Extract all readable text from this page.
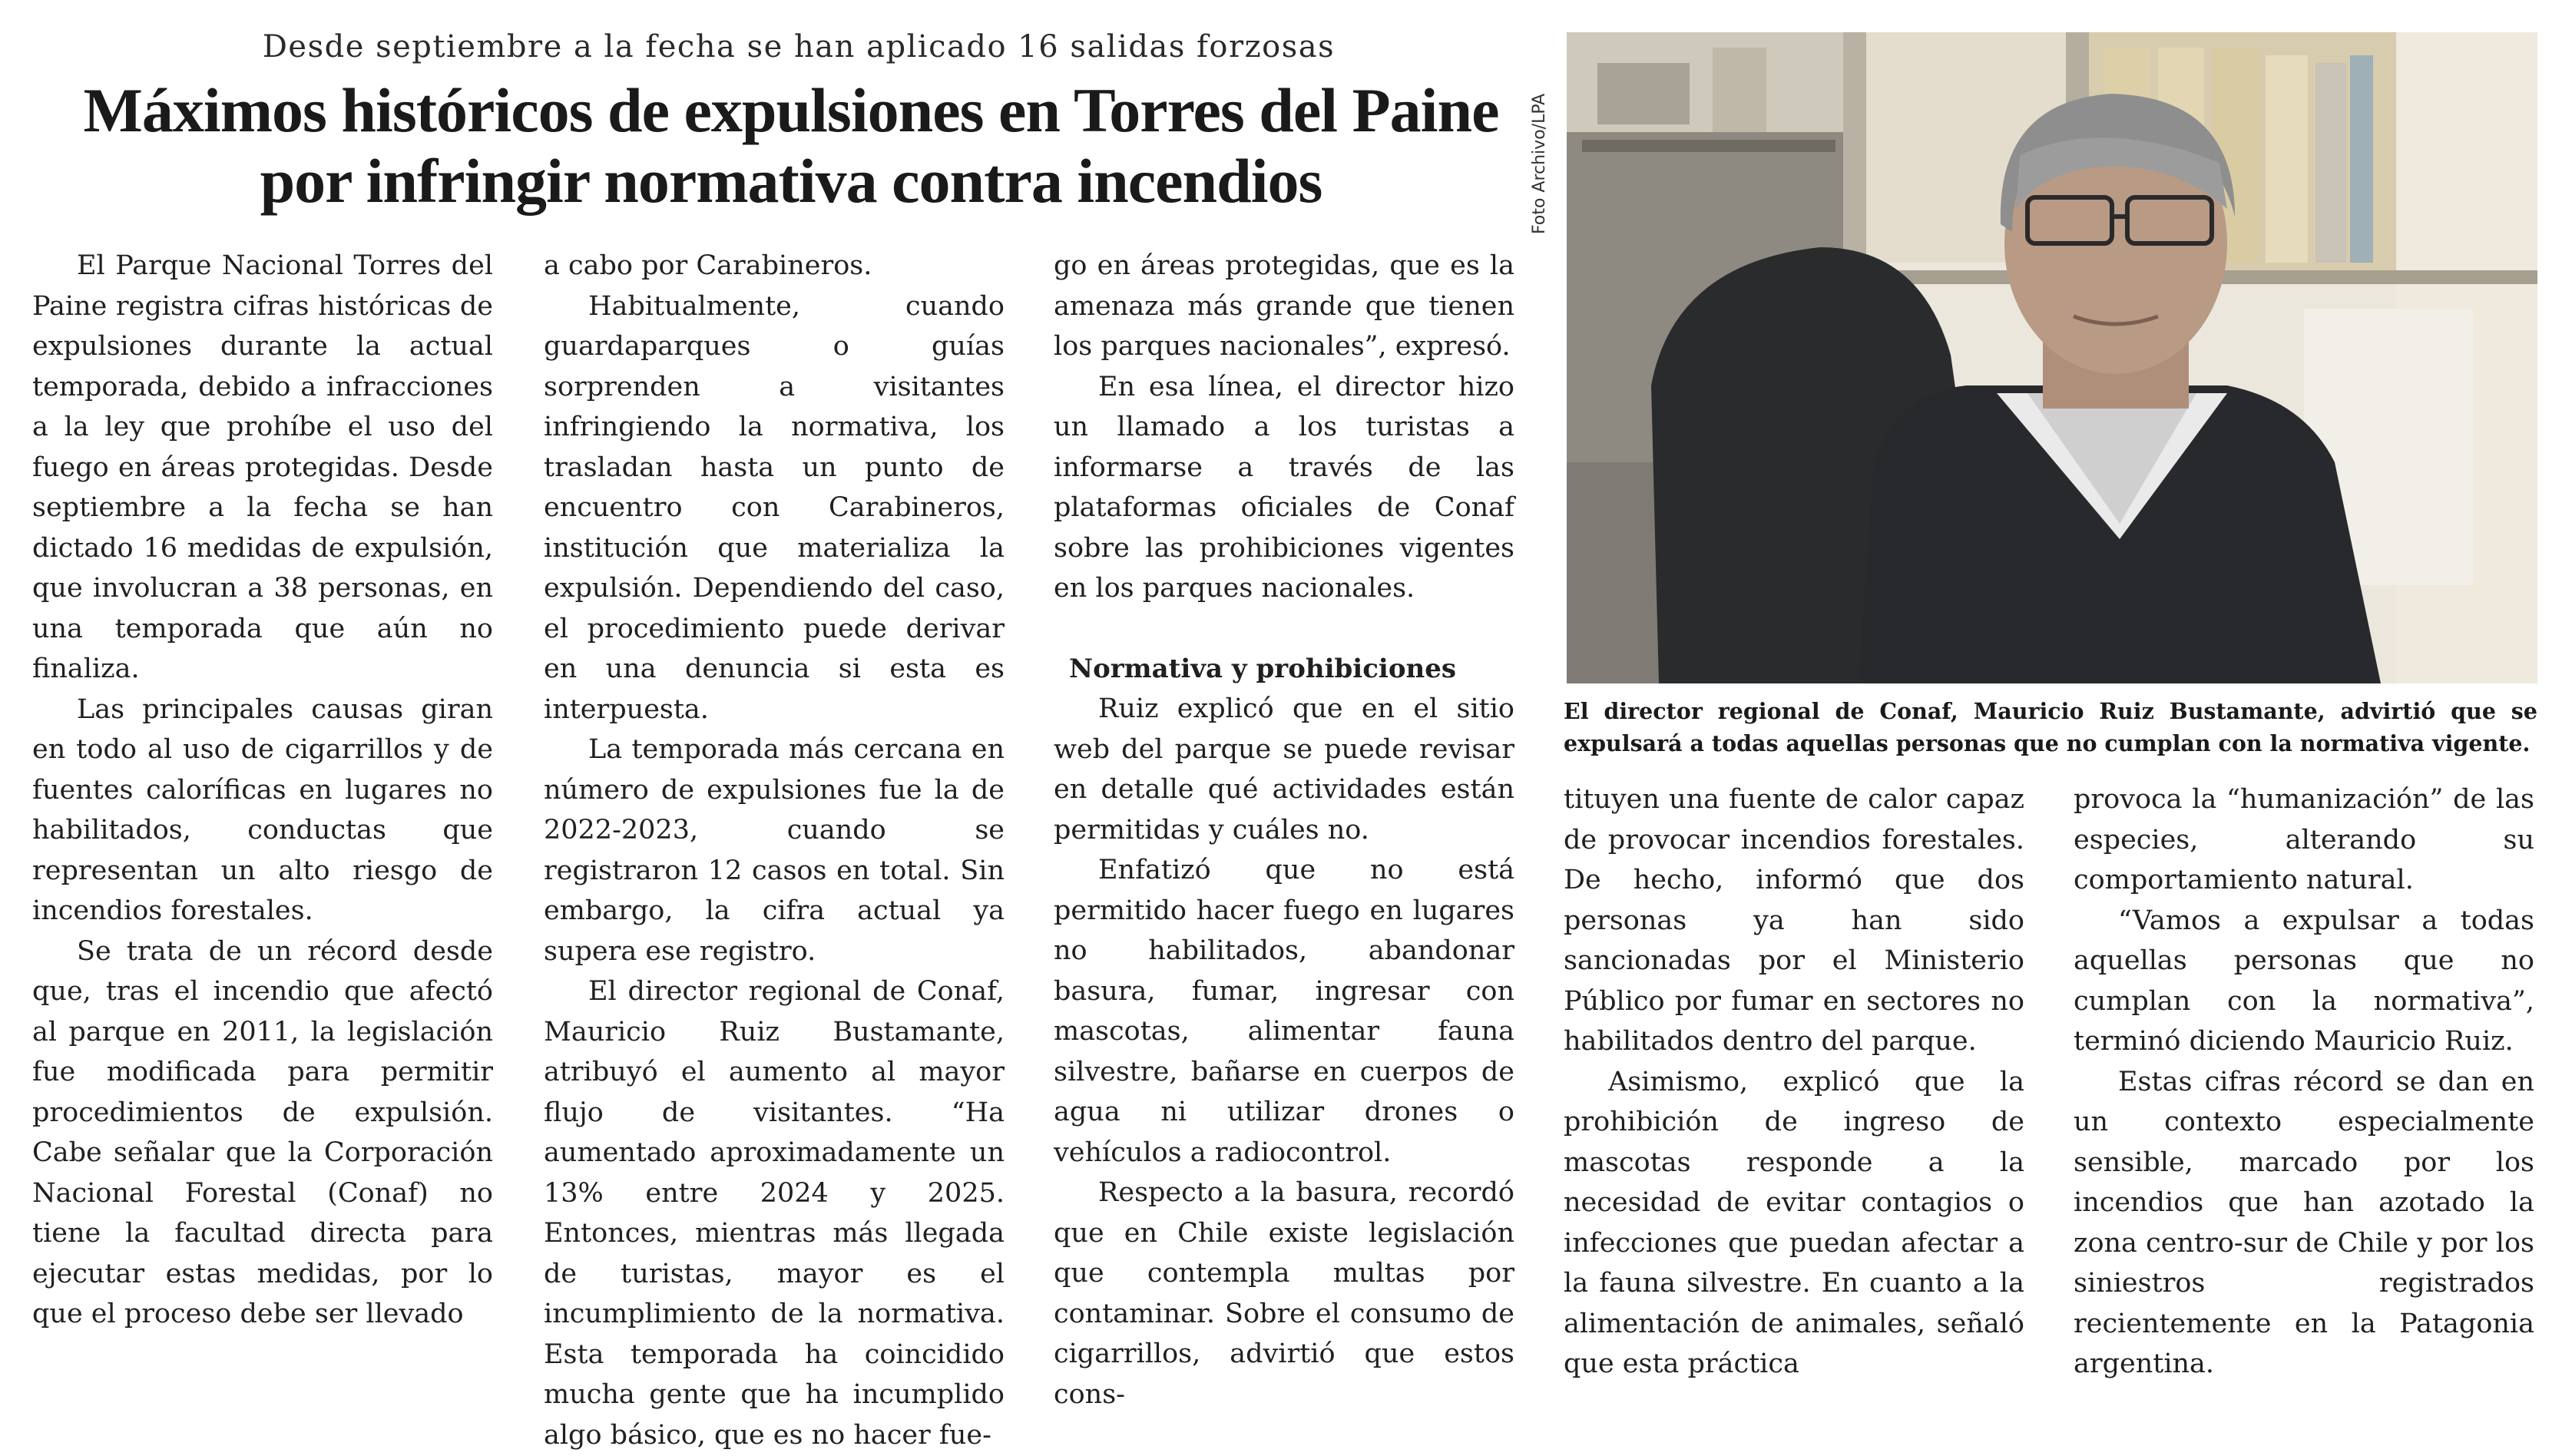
Desde septiembre a la fecha se han aplicado 16 salidas forzosas
Máximos históricos de expulsiones en Torres del Paine por infringir normativa contra incendios

El Parque Nacional Torres del Paine registra cifras históricas de expulsiones durante la actual temporada, debido a infracciones a la ley que prohíbe el uso del fuego en áreas protegidas. Desde septiembre a la fecha se han dictado 16 medidas de expulsión, que involucran a 38 personas, en una temporada que aún no finaliza.

Las principales causas giran en todo al uso de cigarrillos y de fuentes caloríficas en lugares no habilitados, conductas que representan un alto riesgo de incendios forestales.

Se trata de un récord desde que, tras el incendio que afectó al parque en 2011, la legislación fue modificada para permitir procedimientos de expulsión. Cabe señalar que la Corporación Nacional Forestal (Conaf) no tiene la facultad directa para ejecutar estas medidas, por lo que el proceso debe ser llevado

a cabo por Carabineros.

Habitualmente, cuando guardaparques o guías sorprenden a visitantes infringiendo la normativa, los trasladan hasta un punto de encuentro con Carabineros, institución que materializa la expulsión. Dependiendo del caso, el procedimiento puede derivar en una denuncia si esta es interpuesta.

La temporada más cercana en número de expulsiones fue la de 2022-2023, cuando se registraron 12 casos en total. Sin embargo, la cifra actual ya supera ese registro.

El director regional de Conaf, Mauricio Ruiz Bustamante, atribuyó el aumento al mayor flujo de visitantes. “Ha aumentado aproximadamente un 13% entre 2024 y 2025. Entonces, mientras más llegada de turistas, mayor es el incumplimiento de la normativa. Esta temporada ha coincidido mucha gente que ha incumplido algo básico, que es no hacer fue-

go en áreas protegidas, que es la amenaza más grande que tienen los parques nacionales”, expresó.

En esa línea, el director hizo un llamado a los turistas a informarse a través de las plataformas oficiales de Conaf sobre las prohibiciones vigentes en los parques nacionales.

Normativa y prohibiciones

Ruiz explicó que en el sitio web del parque se puede revisar en detalle qué actividades están permitidas y cuáles no.

Enfatizó que no está permitido hacer fuego en lugares no habilitados, abandonar basura, fumar, ingresar con mascotas, alimentar fauna silvestre, bañarse en cuerpos de agua ni utilizar drones o vehículos a radiocontrol.

Respecto a la basura, recordó que en Chile existe legislación que contempla multas por contaminar. Sobre el consumo de cigarrillos, advirtió que estos cons-

Foto Archivo/LPA

El director regional de Conaf, Mauricio Ruiz Bustamante, advirtió que se expulsará a todas aquellas personas que no cumplan con la normativa vigente.

tituyen una fuente de calor capaz de provocar incendios forestales. De hecho, informó que dos personas ya han sido sancionadas por el Ministerio Público por fumar en sectores no habilitados dentro del parque.

Asimismo, explicó que la prohibición de ingreso de mascotas responde a la necesidad de evitar contagios o infecciones que puedan afectar a la fauna silvestre. En cuanto a la alimentación de animales, señaló que esta práctica

provoca la “humanización” de las especies, alterando su comportamiento natural.

“Vamos a expulsar a todas aquellas personas que no cumplan con la normativa”, terminó diciendo Mauricio Ruiz.

Estas cifras récord se dan en un contexto especialmente sensible, marcado por los incendios que han azotado la zona centro-sur de Chile y por los siniestros registrados recientemente en la Patagonia argentina.
